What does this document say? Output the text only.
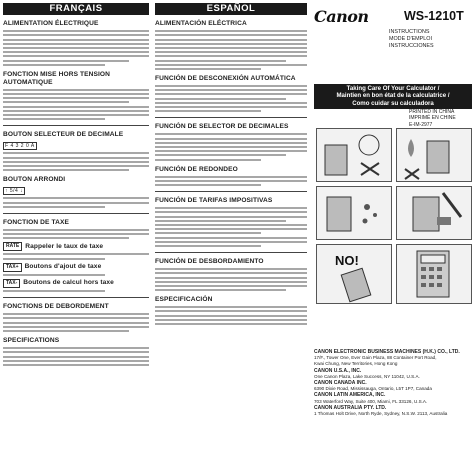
FRANÇAIS
ALIMENTATION ÉLECTRIQUE
FONCTION MISE HORS TENSION AUTOMATIQUE
BOUTON SELECTEUR DE DECIMALE
F 4 3 2 0 A
BOUTON ARRONDI
↑ 5/4 ↓
FONCTION DE TAXE
RATE Rappeler le taux de taxe
TAX+ Boutons d'ajout de taxe
TAX- Boutons de calcul hors taxe
FONCTIONS DE DEBORDEMENT
SPECIFICATIONS
ESPAÑOL
ALIMENTACIÓN ELÉCTRICA
FUNCIÓN DE DESCONEXIÓN AUTOMÁTICA
FUNCIÓN DE SELECTOR DE DECIMALES
FUNCIÓN DE REDONDEO
FUNCIÓN DE TARIFAS IMPOSITIVAS
FUNCIÓN DE DESBORDAMIENTO
ESPECIFICACIÓN
Canon	WS-1210T
INSTRUCTIONS
MODE D'EMPLOI
INSTRUCCIONES
Taking Care Of Your Calculator /
Maintien en bon état de la calculatrice /
Como cuidar su calculadora
PRINTED IN CHINA
IMPRIMÉ EN CHINE
E-IM-2977
NO!
CANON ELECTRONIC BUSINESS MACHINES (H.K.) CO., LTD.
17/F., Tower One, Ever Gain Plaza, 88 Container Port Road,
Kwai Chung, New Territories, Hong Kong
CANON U.S.A., INC.
One Canon Plaza, Lake Success, NY 11042, U.S.A.
CANON CANADA INC.
6390 Dixie Road, Mississauga, Ontario, L5T 1P7, Canada
CANON LATIN AMERICA, INC.
703 Waterford Way, Suite 400, Miami, FL 33126, U.S.A.
CANON AUSTRALIA PTY. LTD.
1 Thomas Holt Drive, North Ryde, Sydney, N.S.W. 2113, Australia
